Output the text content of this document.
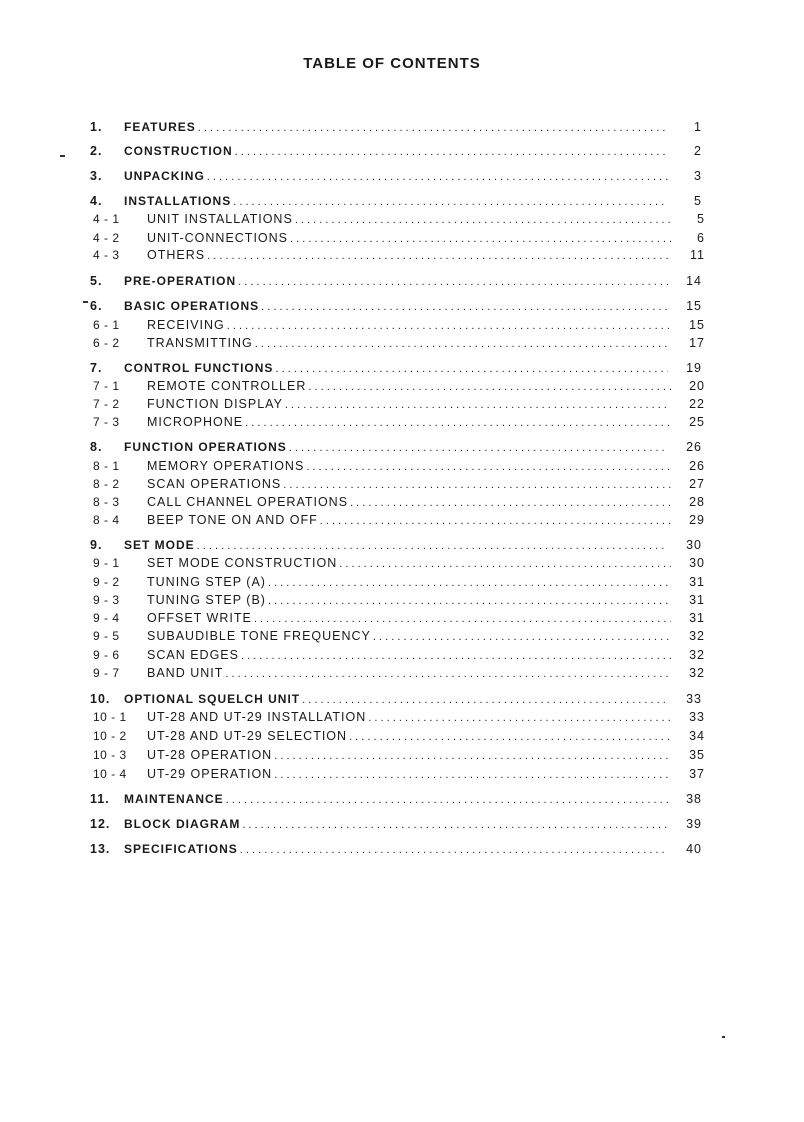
TABLE OF CONTENTS
1.	FEATURES . . .	1
2.	CONSTRUCTION . . .	2
3.	UNPACKING . . .	3
4.	INSTALLATIONS . . .	5
4 - 1	UNIT INSTALLATIONS . . .	5
4 - 2	UNIT-CONNECTIONS . . .	6
4 - 3	OTHERS . . .	11
5.	PRE-OPERATION . . .	14
6.	BASIC OPERATIONS . . .	15
6 - 1	RECEIVING . . .	15
6 - 2	TRANSMITTING . . .	17
7.	CONTROL FUNCTIONS . . .	19
7 - 1	REMOTE CONTROLLER . . .	20
7 - 2	FUNCTION DISPLAY . . .	22
7 - 3	MICROPHONE . . .	25
8.	FUNCTION OPERATIONS . . .	26
8 - 1	MEMORY OPERATIONS . . .	26
8 - 2	SCAN OPERATIONS . . .	27
8 - 3	CALL CHANNEL OPERATIONS . . .	28
8 - 4	BEEP TONE ON AND OFF . . .	29
9.	SET MODE . . .	30
9 - 1	SET MODE CONSTRUCTION . . .	30
9 - 2	TUNING STEP (A) . . .	31
9 - 3	TUNING STEP (B) . . .	31
9 - 4	OFFSET WRITE . . .	31
9 - 5	SUBAUDIBLE TONE FREQUENCY . . .	32
9 - 6	SCAN EDGES . . .	32
9 - 7	BAND UNIT . . .	32
10.	OPTIONAL SQUELCH UNIT . . .	33
10 - 1	UT-28 AND UT-29 INSTALLATION . . .	33
10 - 2	UT-28 AND UT-29 SELECTION . . .	34
10 - 3	UT-28 OPERATION . . .	35
10 - 4	UT-29 OPERATION . . .	37
11.	MAINTENANCE . . .	38
12.	BLOCK DIAGRAM . . .	39
13.	SPECIFICATIONS . . .	40
